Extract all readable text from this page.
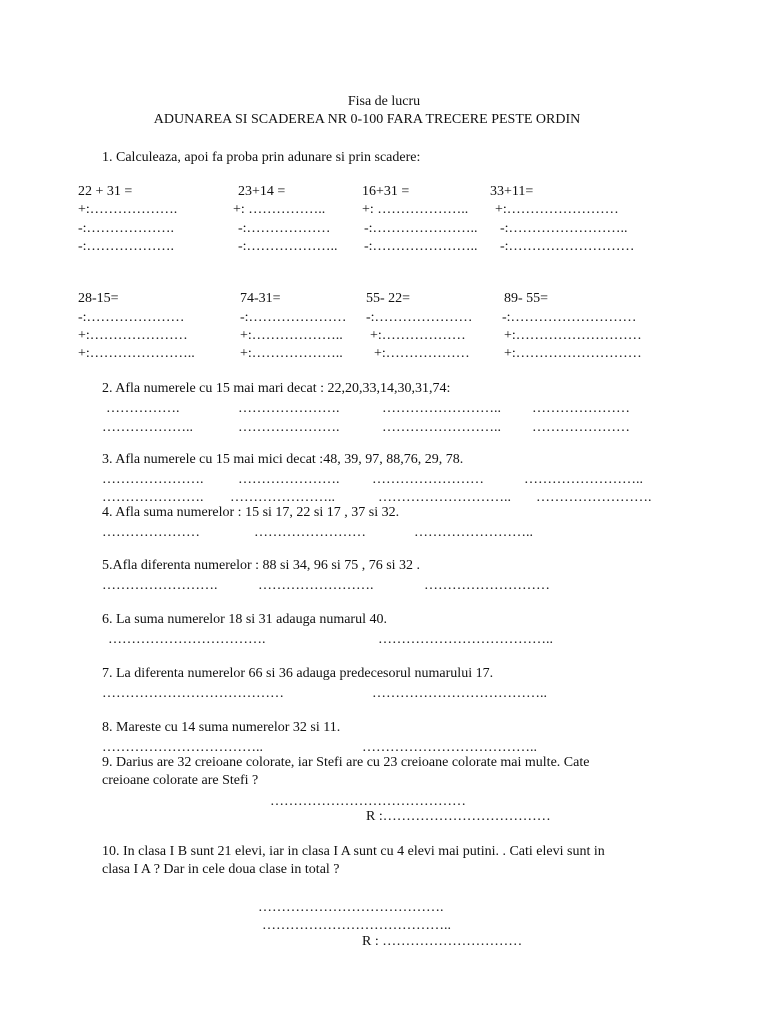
Fisa de lucru
ADUNAREA SI SCADEREA NR 0-100 FARA TRECERE PESTE ORDIN
1. Calculeaza, apoi fa proba prin adunare si prin scadere:
22 + 31 =	23+14 =	16+31 =	33+11=
+:……………….	+: ……………..	+: ……………….. +:……………………
-:……………….	-:……………… -:………………….. -:……………………..
-:……………….	-:……………….. -:………………….. -:………………………
28-15=	74-31=	55- 22=	89- 55=
-:…………………	-:………………… -:………………… -:………………………
+:…………………	+:……………….. +:………………	+:………………………
+:…………………..	+:……………….. +:……………… +:………………………
2. Afla numerele cu 15 mai mari decat : 22,20,33,14,30,31,74:
…………….	………………….	…………………….. …………………
………………..	………………….	…………………….. …………………
3. Afla numerele cu 15 mai mici decat :48, 39, 97, 88,76, 29, 78.
…………………. …………………. ……………………	……………………..
…………………. …………………..	……………………….. …………………….
4. Afla suma numerelor : 15 si 17, 22 si 17 , 37 si 32.
…………………	……………………	……………………..
5.Afla diferenta numerelor : 88 si 34, 96 si 75 , 76 si 32 .
…………………….	…………………….	………………………
6. La suma numerelor 18 si 31 adauga numarul 40.
…………………………….	………………………………..
7. La diferenta numerelor 66 si 36 adauga predecesorul numarului 17.
…………………………………	………………………………..
8. Mareste cu 14 suma numerelor 32 si 11.
……………………………..	………………………………..
9. Darius are 32 creioane colorate, iar Stefi are cu 23 creioane colorate mai multe. Cate
creioane colorate are Stefi ?
……………………………………
R :………………………………
10. In clasa I B sunt 21 elevi, iar in clasa I A sunt cu 4 elevi mai putini. . Cati elevi sunt in
clasa I A ? Dar in cele doua clase in total ?
………………………………….
…………………………………..
R : …………………………
